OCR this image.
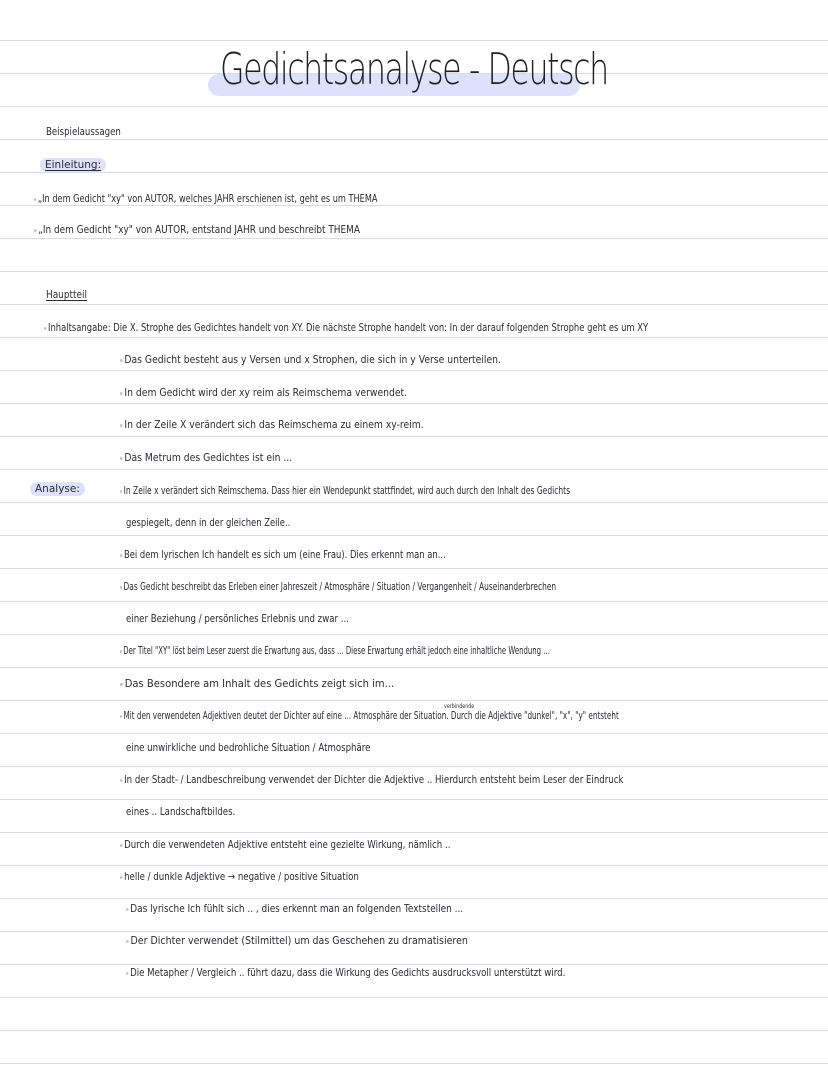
Gedichtsanalyse - Deutsch
Beispielaussagen
Einleitung:
„In dem Gedicht "xy" von AUTOR, welches JAHR erschienen ist, geht es um THEMA
„In dem Gedicht "xy" von AUTOR, entstand JAHR und beschreibt THEMA
Hauptteil
Inhaltsangabe: Die X. Strophe des Gedichtes handelt von XY. Die nächste Strophe handelt von: In der darauf folgenden Strophe geht es um XY
Das Gedicht besteht aus y Versen und x Strophen, die sich in y Verse unterteilen.
In dem Gedicht wird der xy reim als Reimschema verwendet.
In der Zeile X verändert sich das Reimschema zu einem xy-reim.
Das Metrum des Gedichtes ist ein ...
Analyse:	In Zeile x verändert sich Reimschema. Dass hier ein Wendepunkt stattfindet, wird auch durch den Inhalt des Gedichts
gespiegelt, denn in der gleichen Zeile..
Bei dem lyrischen Ich handelt es sich um (eine Frau). Dies erkennt man an...
Das Gedicht beschreibt das Erleben einer Jahreszeit / Atmosphäre / Situation / Vergangenheit / Auseinanderbrechen
einer Beziehung / persönliches Erlebnis und zwar ...
Der Titel "XY" löst beim Leser zuerst die Erwartung aus, dass ... Diese Erwartung erhält jedoch eine inhaltliche Wendung ...
Das Besondere am Inhalt des Gedichts zeigt sich im...
verbindende
Mit den verwendeten Adjektiven deutet der Dichter auf eine ... Atmosphäre der Situation. Durch die Adjektive "dunkel", "x", "y" entsteht
eine unwirkliche und bedrohliche Situation / Atmosphäre
In der Stadt- / Landbeschreibung verwendet der Dichter die Adjektive .. Hierdurch entsteht beim Leser der Eindruck
eines .. Landschaftbildes.
Durch die verwendeten Adjektive entsteht eine gezielte Wirkung, nämlich ..
helle / dunkle Adjektive → negative / positive Situation
Das lyrische Ich fühlt sich .. , dies erkennt man an folgenden Textstellen ...
Der Dichter verwendet (Stilmittel) um das Geschehen zu dramatisieren
Die Metapher / Vergleich .. führt dazu, dass die Wirkung des Gedichts ausdrucksvoll unterstützt wird.
